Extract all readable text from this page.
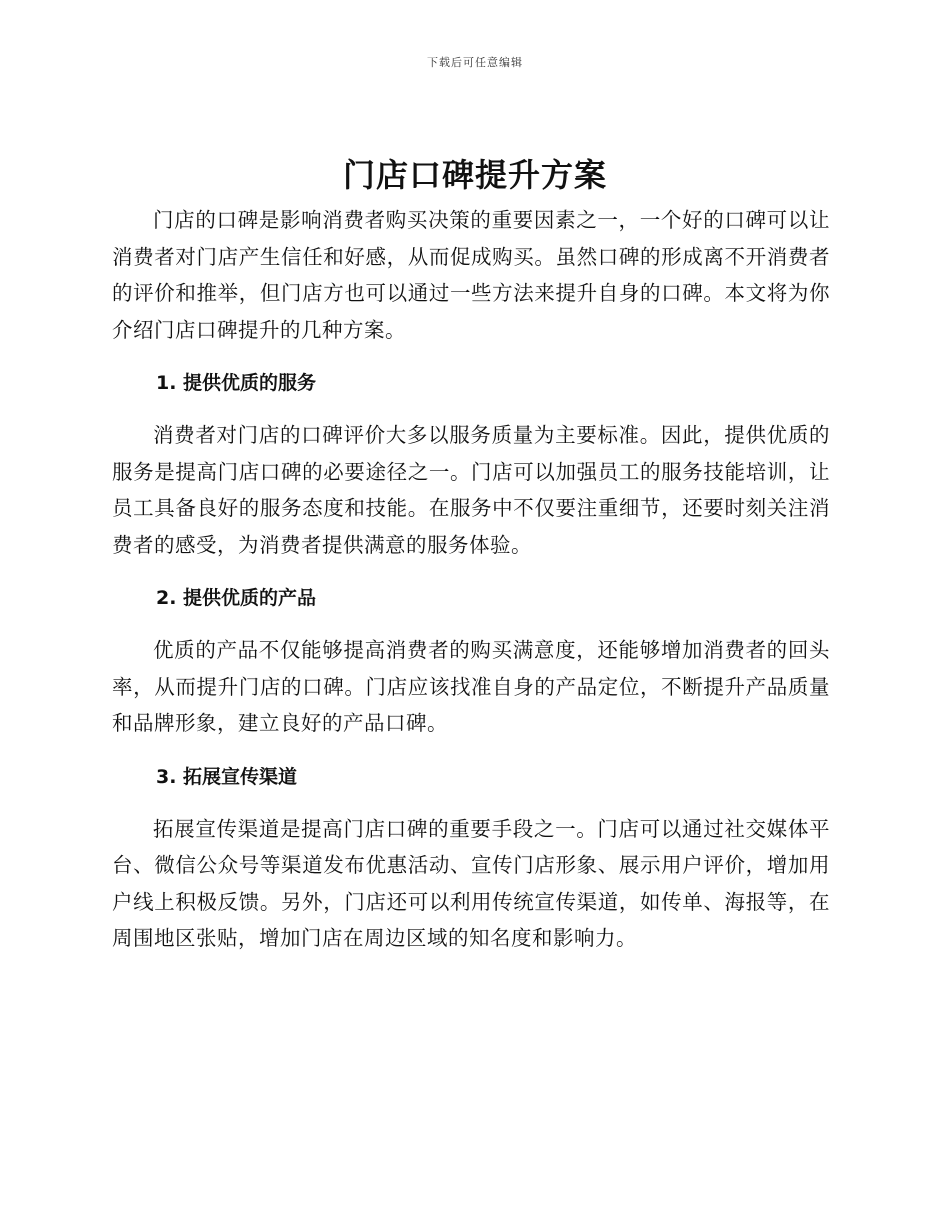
下载后可任意编辑
门店口碑提升方案

门店的口碑是影响消费者购买决策的重要因素之一，一个好的口碑可以让消费者对门店产生信任和好感，从而促成购买。虽然口碑的形成离不开消费者的评价和推举，但门店方也可以通过一些方法来提升自身的口碑。本文将为你介绍门店口碑提升的几种方案。

1. 提供优质的服务

消费者对门店的口碑评价大多以服务质量为主要标准。因此，提供优质的服务是提高门店口碑的必要途径之一。门店可以加强员工的服务技能培训，让员工具备良好的服务态度和技能。在服务中不仅要注重细节，还要时刻关注消费者的感受，为消费者提供满意的服务体验。

2. 提供优质的产品

优质的产品不仅能够提高消费者的购买满意度，还能够增加消费者的回头率，从而提升门店的口碑。门店应该找准自身的产品定位，不断提升产品质量和品牌形象，建立良好的产品口碑。

3. 拓展宣传渠道

拓展宣传渠道是提高门店口碑的重要手段之一。门店可以通过社交媒体平台、微信公众号等渠道发布优惠活动、宣传门店形象、展示用户评价，增加用户线上积极反馈。另外，门店还可以利用传统宣传渠道，如传单、海报等，在周围地区张贴，增加门店在周边区域的知名度和影响力。
